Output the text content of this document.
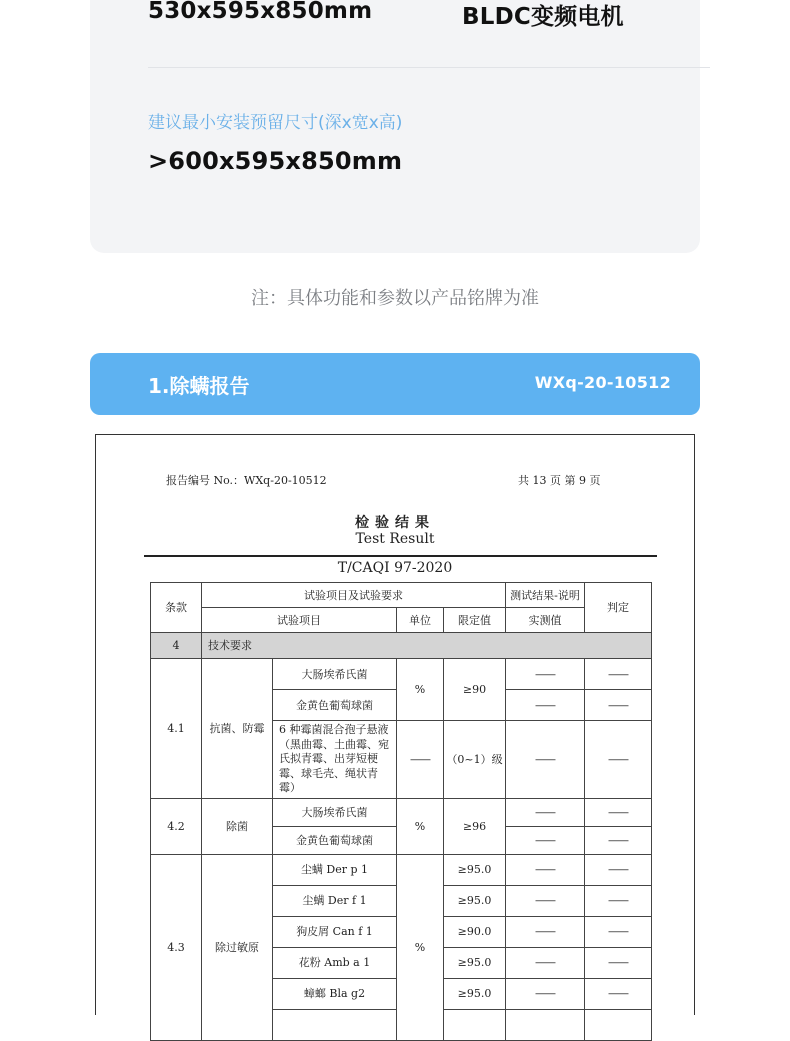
530x595x850mm	BLDC变频电机
建议最小安装预留尺寸(深x宽x高)
>600x595x850mm
注：具体功能和参数以产品铭牌为准
1.除螨报告	WXq-20-10512
报告编号 No.：WXq-20-10512	共 13 页 第 9 页
检验结果
Test Result
T/CAQI 97-2020
条款	试验项目及试验要求				测试结果-说明	判定
	试验项目		单位	限定值	实测值	
4	技术要求					
4.1	抗菌、防霉	大肠埃希氏菌	%	≥90	——	——
		金黄色葡萄球菌			——	——
		6 种霉菌混合孢子悬液（黑曲霉、土曲霉、宛氏拟青霉、出芽短梗霉、球毛壳、绳状青霉）	——	（0~1）级	——	——
4.2	除菌	大肠埃希氏菌	%	≥96	——	——
		金黄色葡萄球菌			——	——
4.3	除过敏原	尘螨 Der p 1	%	≥95.0	——	——
		尘螨 Der f 1		≥95.0	——	——
		狗皮屑 Can f 1		≥90.0	——	——
		花粉 Amb a 1		≥95.0	——	——
		蟑螂 Bla g2		≥95.0	——	——
